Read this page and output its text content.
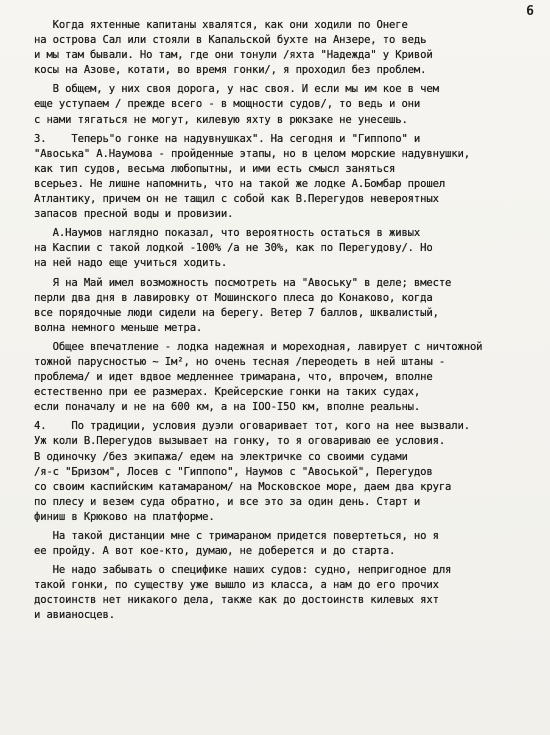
6
Когда яхтенные капитаны хвалятся, как они ходили по Онеге
на острова Сал или стояли в Капальской бухте на Анзере, то ведь
и мы там бывали. Но там, где они тонули /яхта "Надежда" у Кривой
косы на Азове, котати, во время гонки/, я проходил без проблем.
В общем, у них своя дорога, у нас своя. И если мы им кое в чем
еще уступаем / прежде всего - в мощности судов/, то ведь и они
с нами тягаться не могут, килевую яхту в рюкзаке не унесешь.
3.    Теперь"о гонке на надувнушках". На сегодня и "Гиппопо" и
"Авоська" А.Наумова - пройденные этапы, но в целом морские надувнушки,
как тип судов, весьма любопытны, и ими есть смысл заняться
всерьез. Не лишне напомнить, что на такой же лодке А.Бомбар прошел
Атлантику, причем он не тащил с собой как В.Перегудов невероятных
запасов пресной воды и провизии.
А.Наумов наглядно показал, что вероятность остаться в живых
на Каспии с такой лодкой -100% /а не 30%, как по Перегудову/. Но
на ней надо еще учиться ходить.
Я на Май имел возможность посмотреть на "Авоську" в деле; вместе
перли два дня в лавировку от Мошинского плеса до Конаково, когда
все порядочные люди сидели на берегу. Ветер 7 баллов, шквалистый,
волна немного меньше метра.
Общее впечатление - лодка надежная и мореходная, лавирует с ничтожной
тожной парусностью ~ Iм², но очень тесная /переодеть в ней штаны -
проблема/ и идет вдвое медленнее тримарана, что, впрочем, вполне
естественно при ее размерах. Крейсерские гонки на таких судах,
если поначалу и не на 600 км, а на IOO-I5O км, вполне реальны.
4.    По традиции, условия дуэли оговаривает тот, кого на нее вызвали.
Уж коли В.Перегудов вызывает на гонку, то я оговариваю ее условия.
В одиночку /без экипажа/ едем на электричке со своими судами
/я-с "Бризом", Лосев с "Гиппопо", Наумов с "Авоськой", Перегудов
со своим каспийским катамараном/ на Московское море, даем два круга
по плесу и везем суда обратно, и все это за один день. Старт и
финиш в Крюково на платформе.
На такой дистанции мне с тримараном придется повертеться, но я
ее пройду. А вот кое-кто, думаю, не доберется и до старта.
Не надо забывать о специфике наших судов: судно, непригодное для
такой гонки, по существу уже вышло из класса, а нам до его прочих
достоинств нет никакого дела, также как до достоинств килевых яхт
и авианосцев.
